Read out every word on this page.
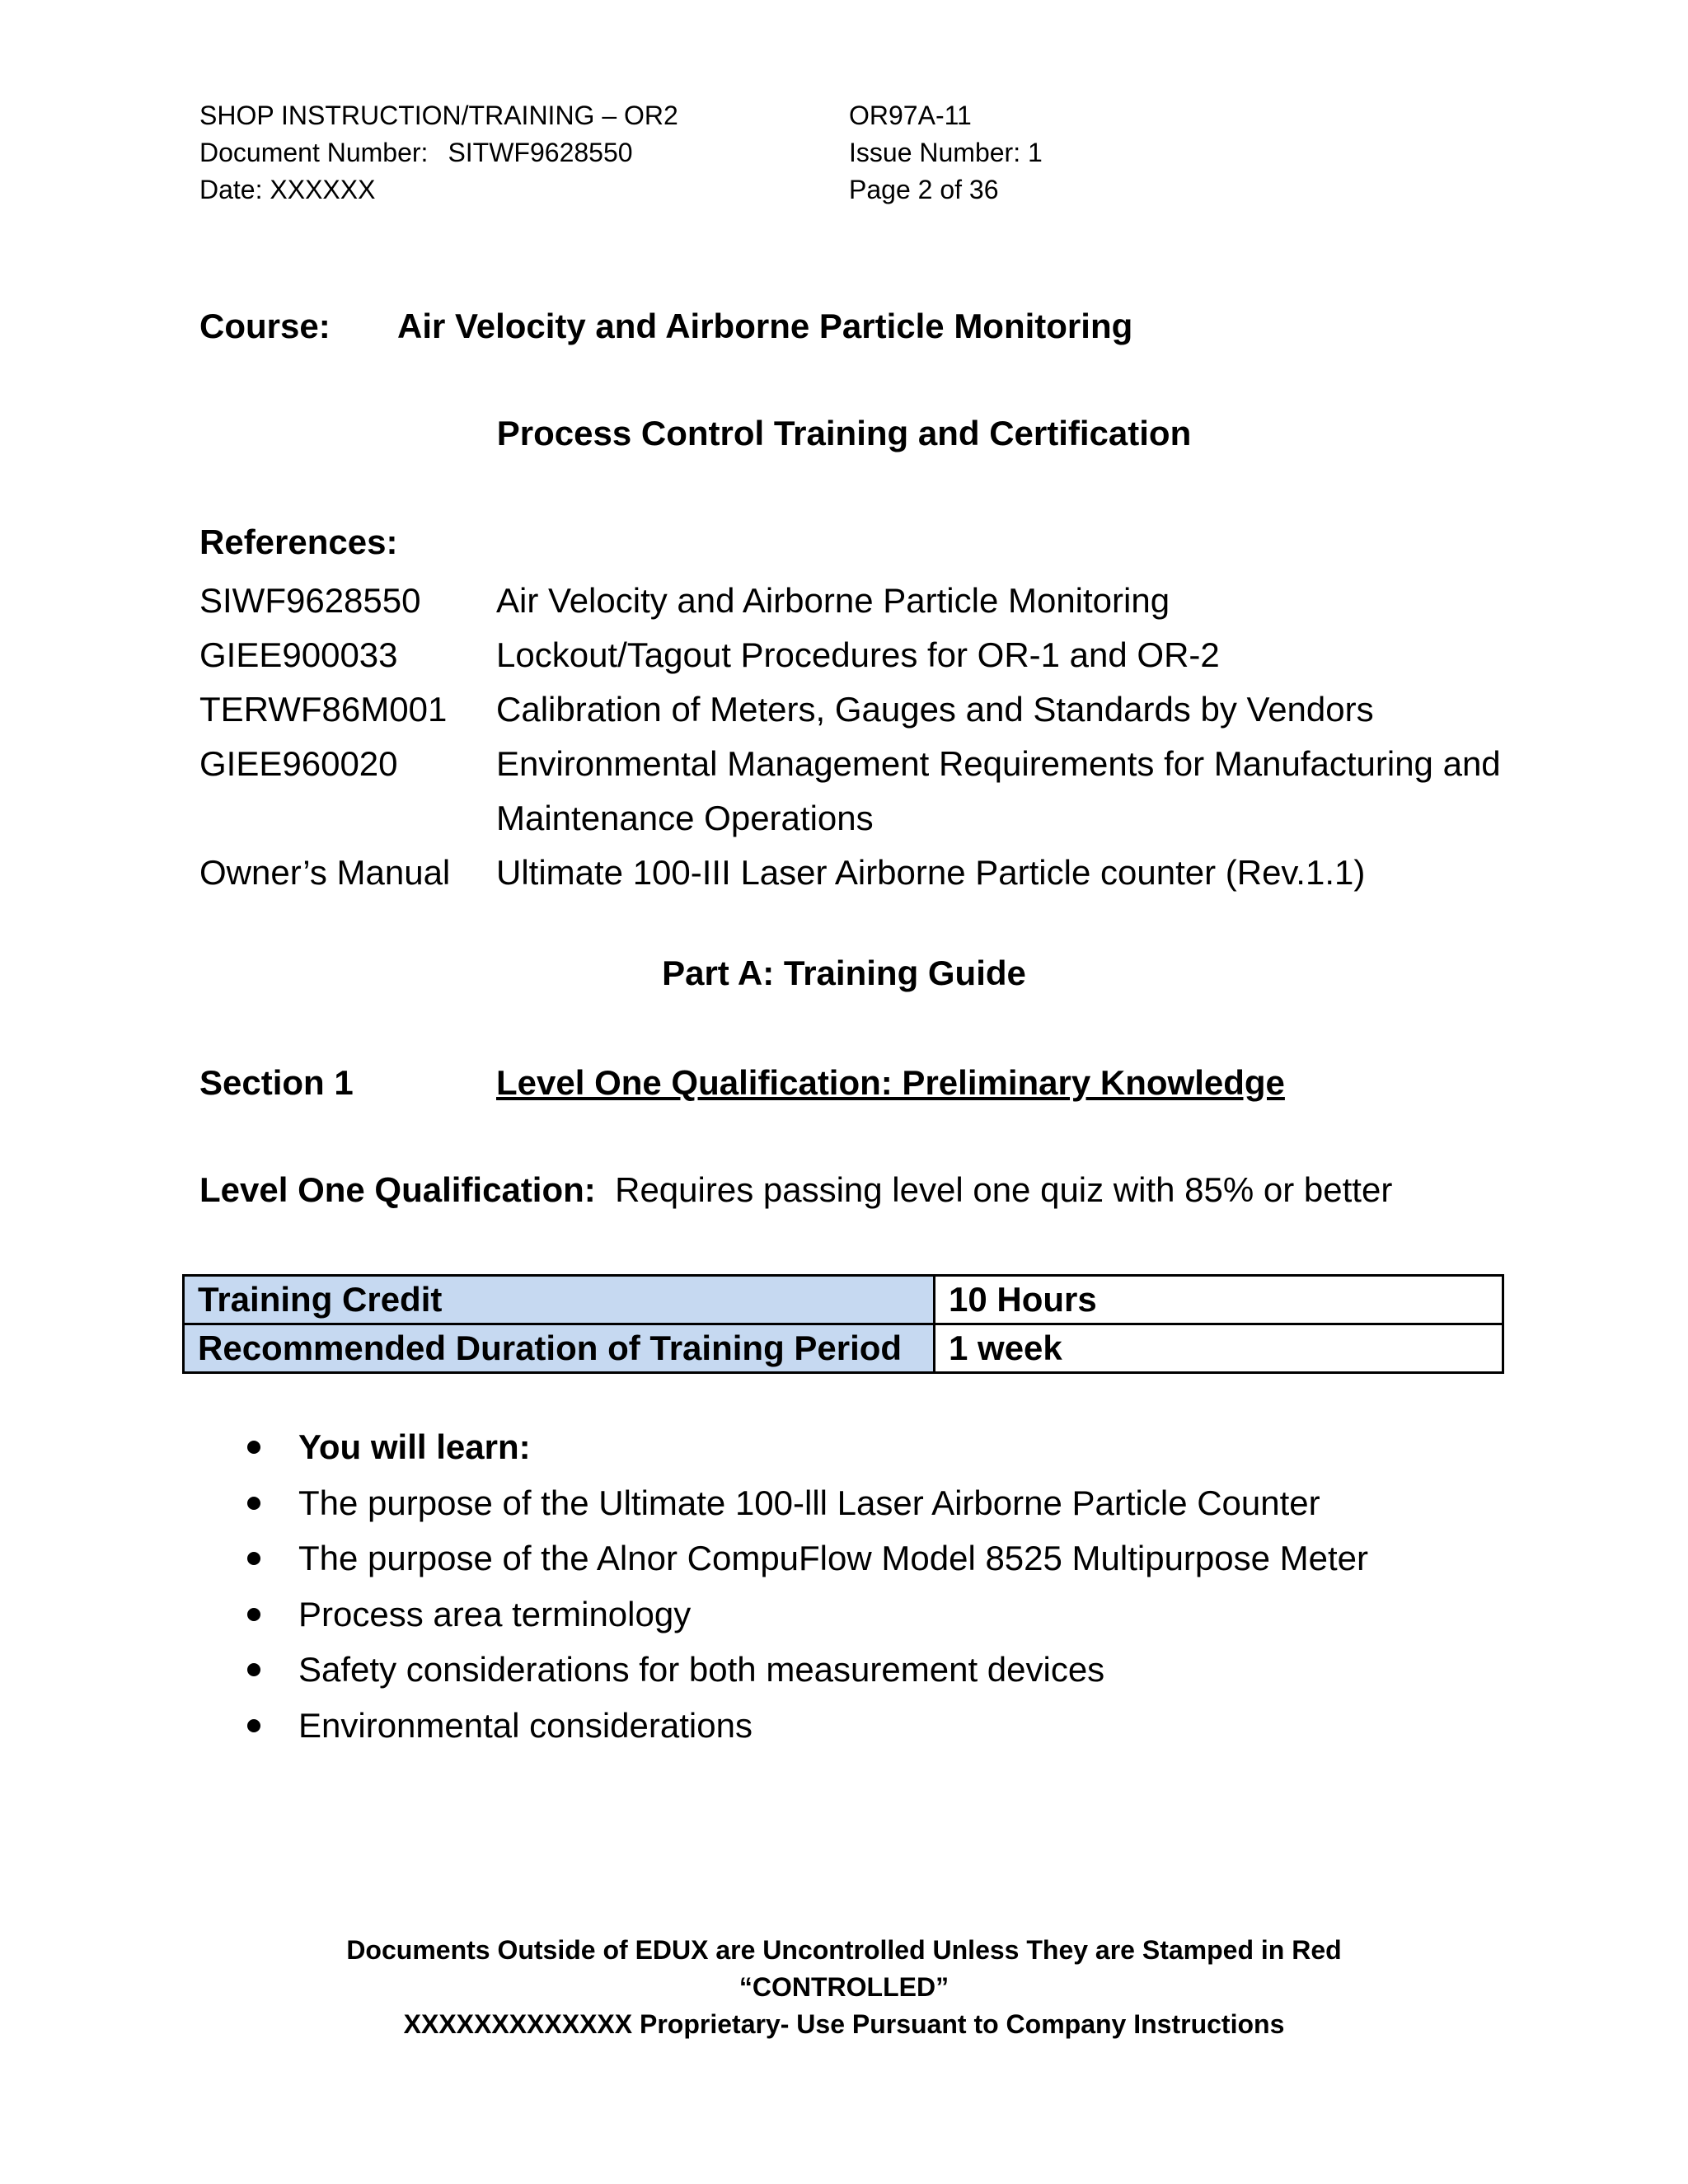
SHOP INSTRUCTION/TRAINING – OR2
Document Number: SITWF9628550
Date: XXXXXX
OR97A-11
Issue Number: 1
Page 2 of 36
Course: Air Velocity and Airborne Particle Monitoring
Process Control Training and Certification
References:
SIWF9628550	Air Velocity and Airborne Particle Monitoring
GIEE900033	Lockout/Tagout Procedures for OR-1 and OR-2
TERWF86M001	Calibration of Meters, Gauges and Standards by Vendors
GIEE960020	Environmental Management Requirements for Manufacturing and Maintenance Operations
Owner’s Manual	Ultimate 100-III Laser Airborne Particle counter (Rev.1.1)
Part A: Training Guide
Section 1	Level One Qualification: Preliminary Knowledge
Level One Qualification: Requires passing level one quiz with 85% or better
Training Credit	10 Hours
Recommended Duration of Training Period	1 week
You will learn:
The purpose of the Ultimate 100-lll Laser Airborne Particle Counter
The purpose of the Alnor CompuFlow Model 8525 Multipurpose Meter
Process area terminology
Safety considerations for both measurement devices
Environmental considerations
Documents Outside of EDUX are Uncontrolled Unless They are Stamped in Red
“CONTROLLED”
XXXXXXXXXXXXX Proprietary- Use Pursuant to Company Instructions
